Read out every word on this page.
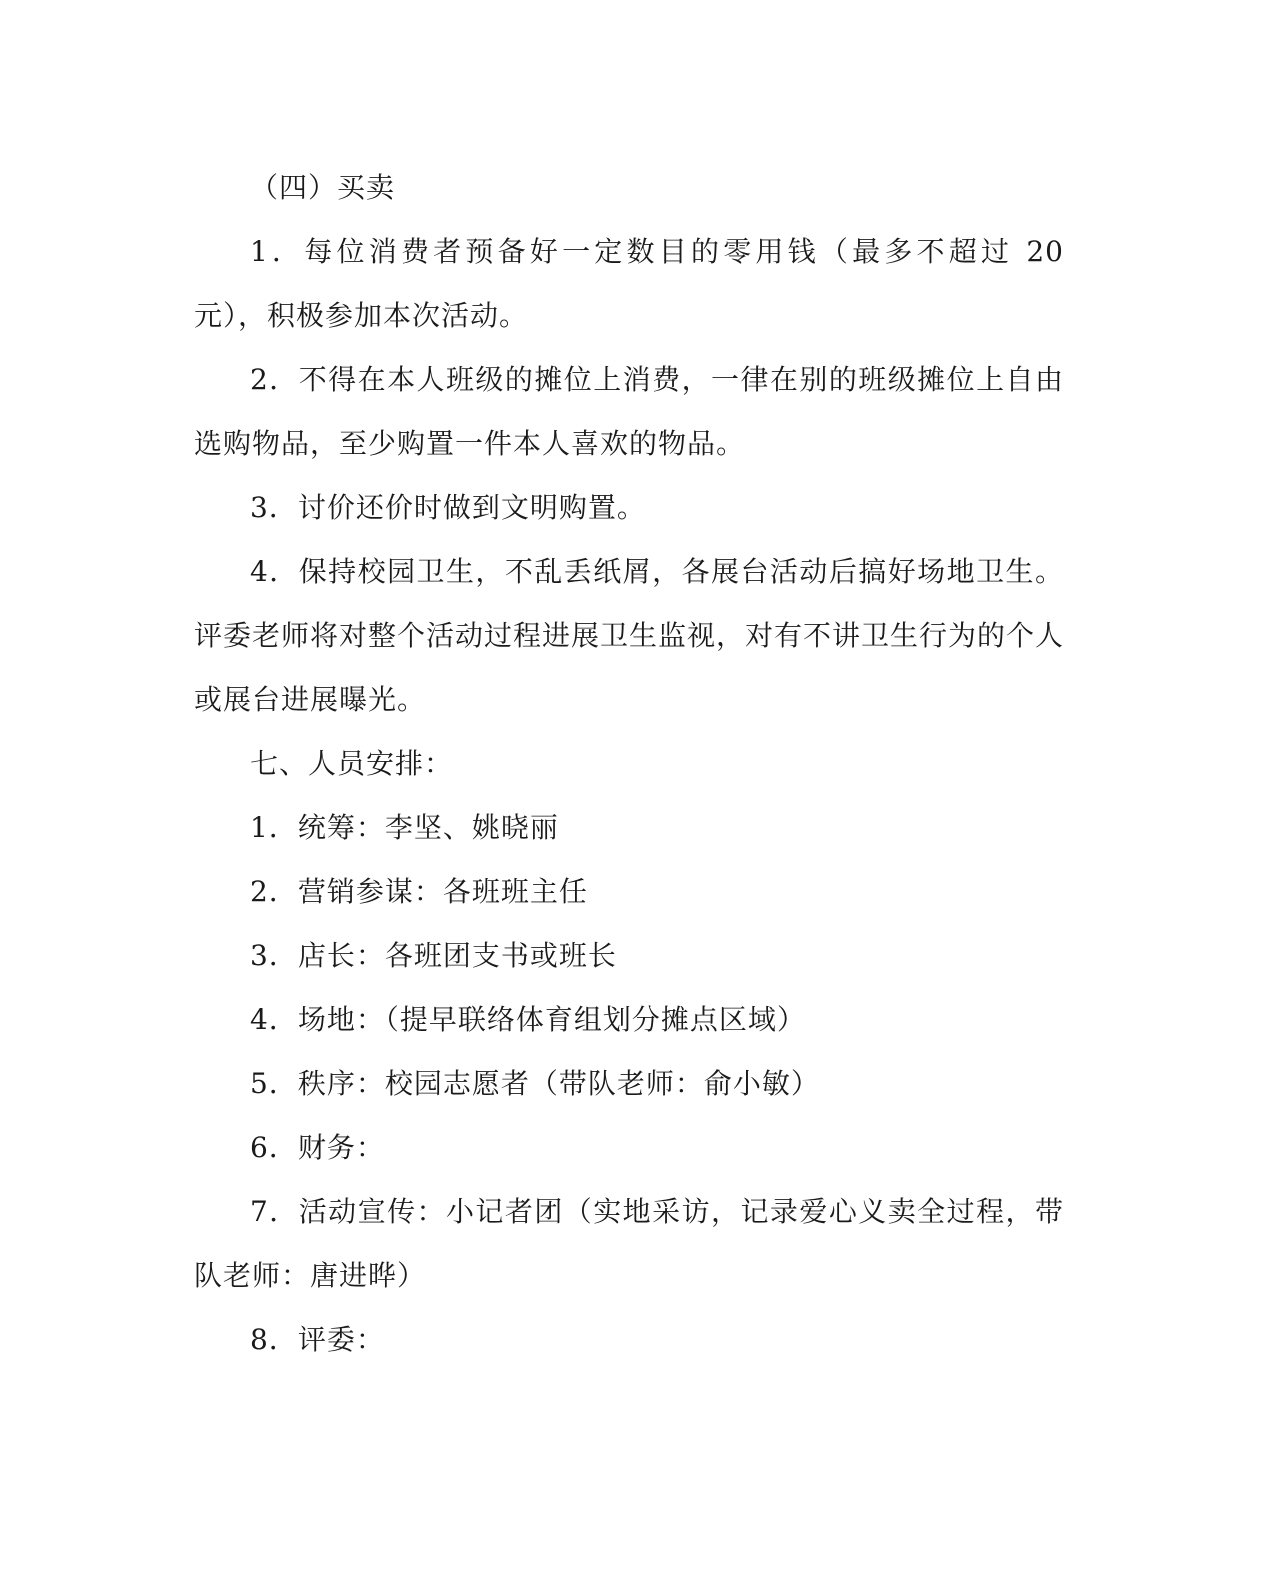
（四）买卖

1．每位消费者预备好一定数目的零用钱（最多不超过 20 元），积极参加本次活动。

2．不得在本人班级的摊位上消费，一律在别的班级摊位上自由选购物品，至少购置一件本人喜欢的物品。

3．讨价还价时做到文明购置。

4．保持校园卫生，不乱丢纸屑，各展台活动后搞好场地卫生。评委老师将对整个活动过程进展卫生监视，对有不讲卫生行为的个人或展台进展曝光。

七、人员安排：

1．统筹：李坚、姚晓丽

2．营销参谋：各班班主任

3．店长：各班团支书或班长

4．场地：（提早联络体育组划分摊点区域）

5．秩序：校园志愿者（带队老师：俞小敏）

6．财务：

7．活动宣传：小记者团（实地采访，记录爱心义卖全过程，带队老师：唐进晔）

8．评委：
